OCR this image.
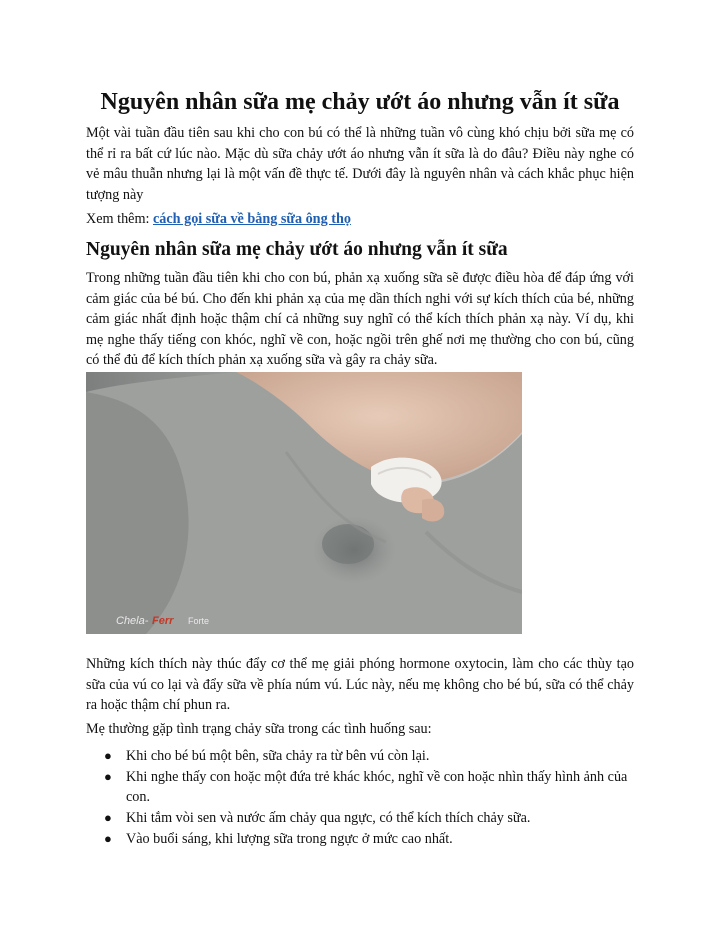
Nguyên nhân sữa mẹ chảy ướt áo nhưng vẫn ít sữa

Một vài tuần đầu tiên sau khi cho con bú có thể là những tuần vô cùng khó chịu bởi sữa mẹ có thể rỉ ra bất cứ lúc nào. Mặc dù sữa chảy ướt áo nhưng vẫn ít sữa là do đâu? Điều này nghe có vẻ mâu thuẫn nhưng lại là một vấn đề thực tế. Dưới đây là nguyên nhân và cách khắc phục hiện tượng này

Xem thêm: cách gọi sữa về bằng sữa ông thọ

Nguyên nhân sữa mẹ chảy ướt áo nhưng vẫn ít sữa

Trong những tuần đầu tiên khi cho con bú, phản xạ xuống sữa sẽ được điều hòa để đáp ứng với cảm giác của bé bú. Cho đến khi phản xạ của mẹ dần thích nghi với sự kích thích của bé, những cảm giác nhất định hoặc thậm chí cả những suy nghĩ có thể kích thích phản xạ này. Ví dụ, khi mẹ nghe thấy tiếng con khóc, nghĩ về con, hoặc ngồi trên ghế nơi mẹ thường cho con bú, cũng có thể đủ để kích thích phản xạ xuống sữa và gây ra chảy sữa.

Chela- Ferr Forte

Những kích thích này thúc đẩy cơ thể mẹ giải phóng hormone oxytocin, làm cho các thùy tạo sữa của vú co lại và đẩy sữa về phía núm vú. Lúc này, nếu mẹ không cho bé bú, sữa có thể chảy ra hoặc thậm chí phun ra.

Mẹ thường gặp tình trạng chảy sữa trong các tình huống sau:

● Khi cho bé bú một bên, sữa chảy ra từ bên vú còn lại.
● Khi nghe thấy con hoặc một đứa trẻ khác khóc, nghĩ về con hoặc nhìn thấy hình ảnh của con.
● Khi tắm vòi sen và nước ấm chảy qua ngực, có thể kích thích chảy sữa.
● Vào buổi sáng, khi lượng sữa trong ngực ở mức cao nhất.
